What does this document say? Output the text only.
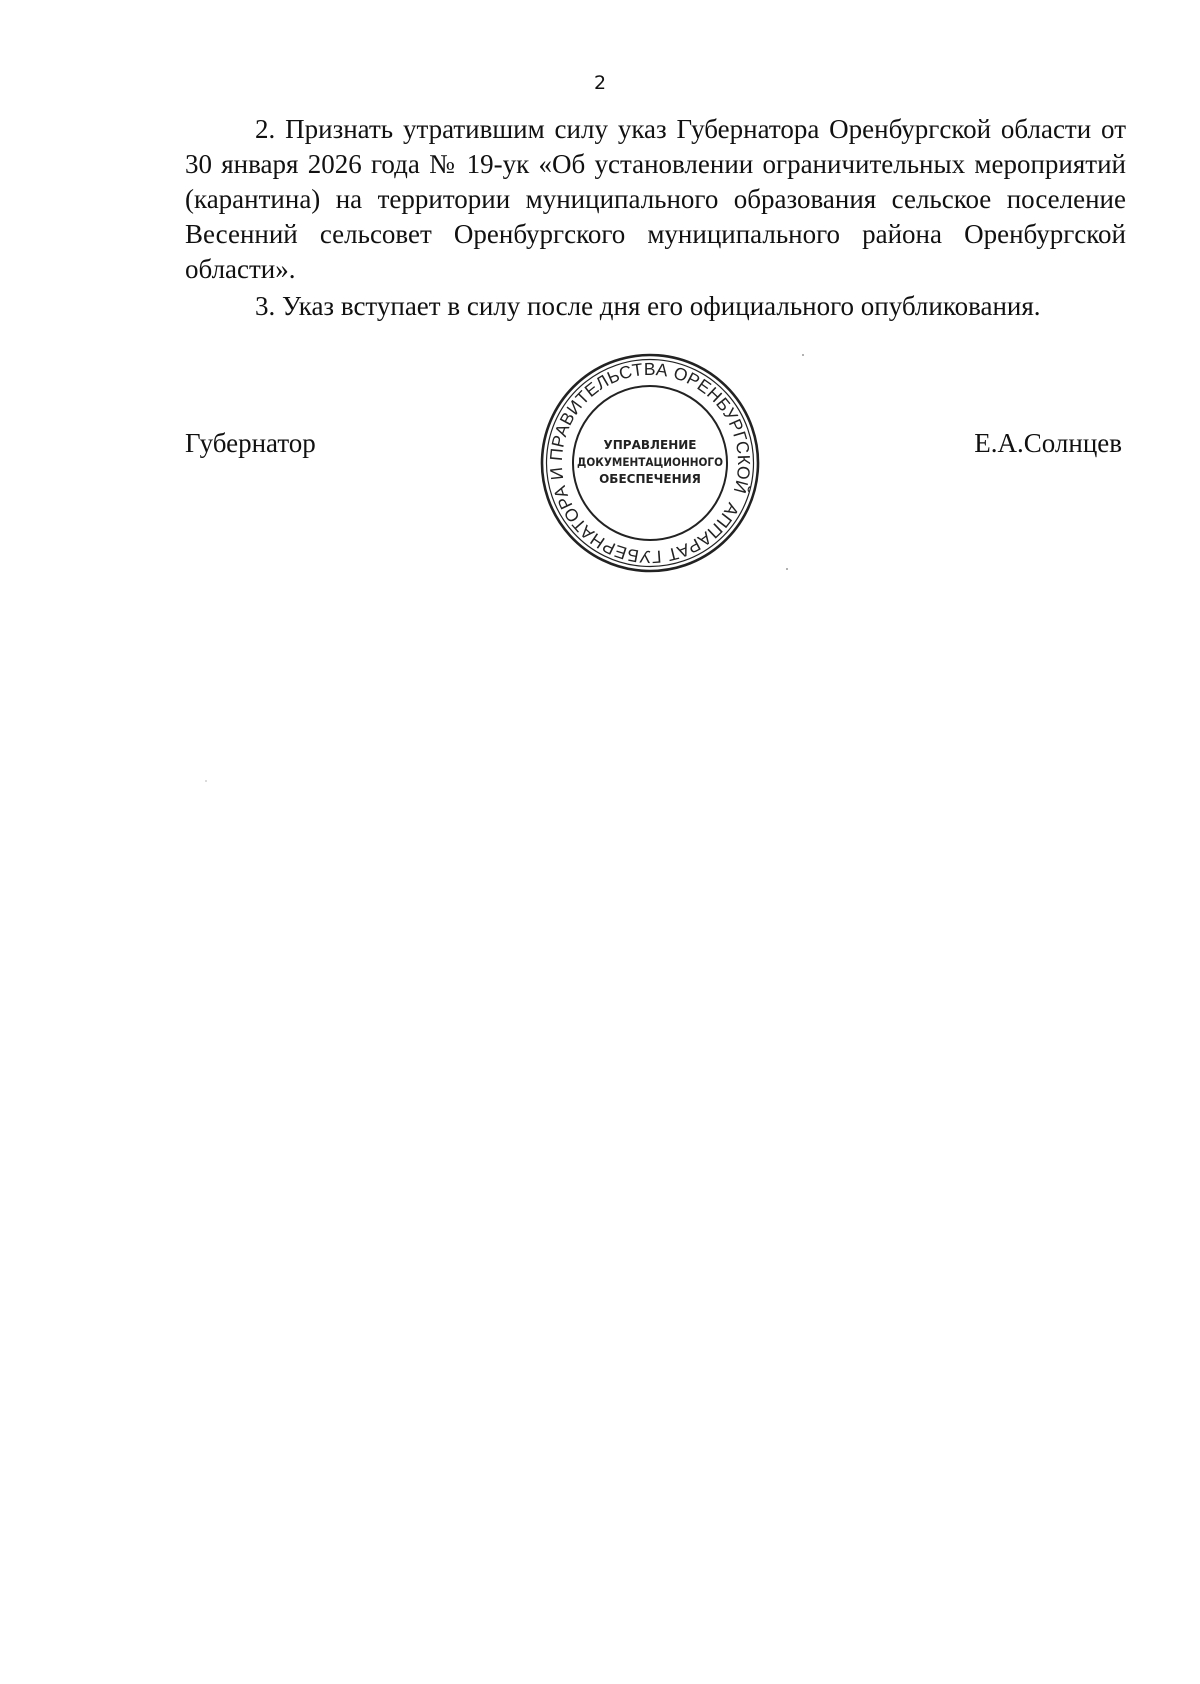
2

2. Признать утратившим силу указ Губернатора Оренбургской области от 30 января 2026 года № 19-ук «Об установлении ограничительных мероприятий (карантина) на территории муниципального образования сельское поселение Весенний сельсовет Оренбургского муниципального района Оренбургской области».

3. Указ вступает в силу после дня его официального опубликования.

Губернатор	Е.А.Солнцев
АППАРАТ ГУБЕРНАТОРА И ПРАВИТЕЛЬСТВА ОРЕНБУРГСКОЙ
УПРАВЛЕНИЕ
ДОКУМЕНТАЦИОННОГО
ОБЕСПЕЧЕНИЯ
